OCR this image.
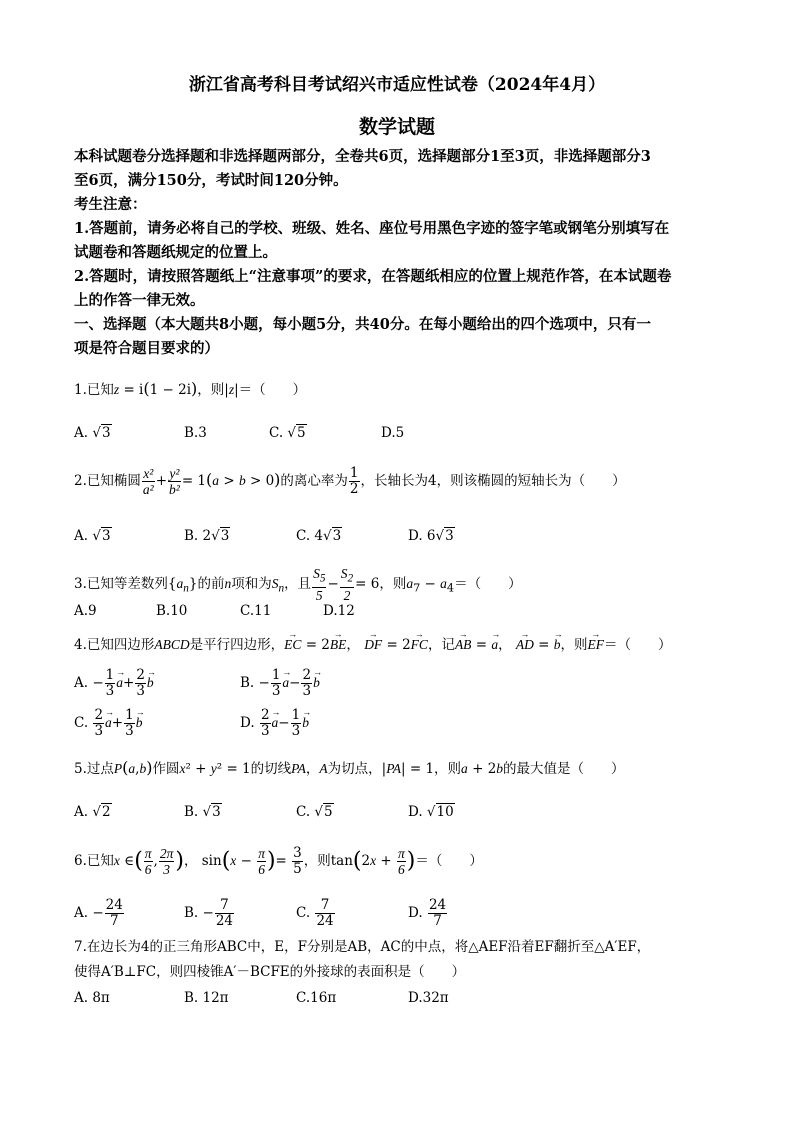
浙江省高考科目考试绍兴市适应性试卷（2024年4月）
数学试题
本科试题卷分选择题和非选择题两部分，全卷共6页，选择题部分1至3页，非选择题部分3
至6页，满分150分，考试时间120分钟。
考生注意：
1.答题前，请务必将自己的学校、班级、姓名、座位号用黑色字迹的签字笔或钢笔分别填写在
试题卷和答题纸规定的位置上。
2.答题时，请按照答题纸上“注意事项”的要求，在答题纸相应的位置上规范作答，在本试题卷
上的作答一律无效。
一、选择题（本大题共8小题，每小题5分，共40分。在每小题给出的四个选项中，只有一
项是符合题目要求的）
1.已知z = i(1 − 2i)，则|z|＝（　　）
A. √3	B.3	C. √5	D.5
2.已知椭圆 $\frac{\text{x²}}{\text{a²}} + \frac{\text{y²}}{\text{b²}} = 1(a > b > 0)$的离心率为 $\frac{1}{2}$ ，长轴长为4，则该椭圆的短轴长为（　　）
A. √3	B. 2√3	C. 4√3	D. 6√3
3.已知等差数列$\{a_n\}$的前n项和为$S_n$，且 $\frac{S_5}{5} - \frac{S_2}{2} = 6$，则$a_7 - a_4=$（　　）
A.9	B.10	C.11	D.12
4.已知四边形ABCD是平行四边形，→ EC = 2→ BE， → DF = 2→ FC，记→ AB = → a， → AD = → b，则→ EF＝（　　）
A. − $\frac{1}{3}$
→ $a+ \frac{2}{3}$
→ b	B. − $\frac{1}{3}$
→ $a- \frac{2}{3}$
→ b
C. $\frac{2}{3}$
→ $a+ \frac{1}{3}$
→ b	D. $\frac{2}{3}$
→ $a- \frac{1}{3}$
→ b
5.过点P(a,b)作圆x² + y² = 1的切线PA，A为切点，|PA| = 1，则a + 2b的最大值是（　　）
A. √2	B. √3	C. √5	D. √10
6.已知x ∈( $\frac{\pi}{6}$ , $\frac{2\pi}{3}$ )， $\sin(x - \frac{\pi}{6}$ )= $\frac{3}{5}$ ，则$\tan(2x + \frac{\pi}{6}$ )＝（　　）
A. − $\frac{24}{7}$	B. − $\frac{7}{24}$	C. $\frac{7}{24}$	D. $\frac{24}{7}$
7.在边长为4的正三角形ABC中，E，F分别是AB，AC的中点，将△AEF沿着EF翻折至△A′EF，
使得A′B⊥FC，则四棱锥A′－BCFE的外接球的表面积是（　　）
A. 8π	B. 12π	C.16π	D.32π
